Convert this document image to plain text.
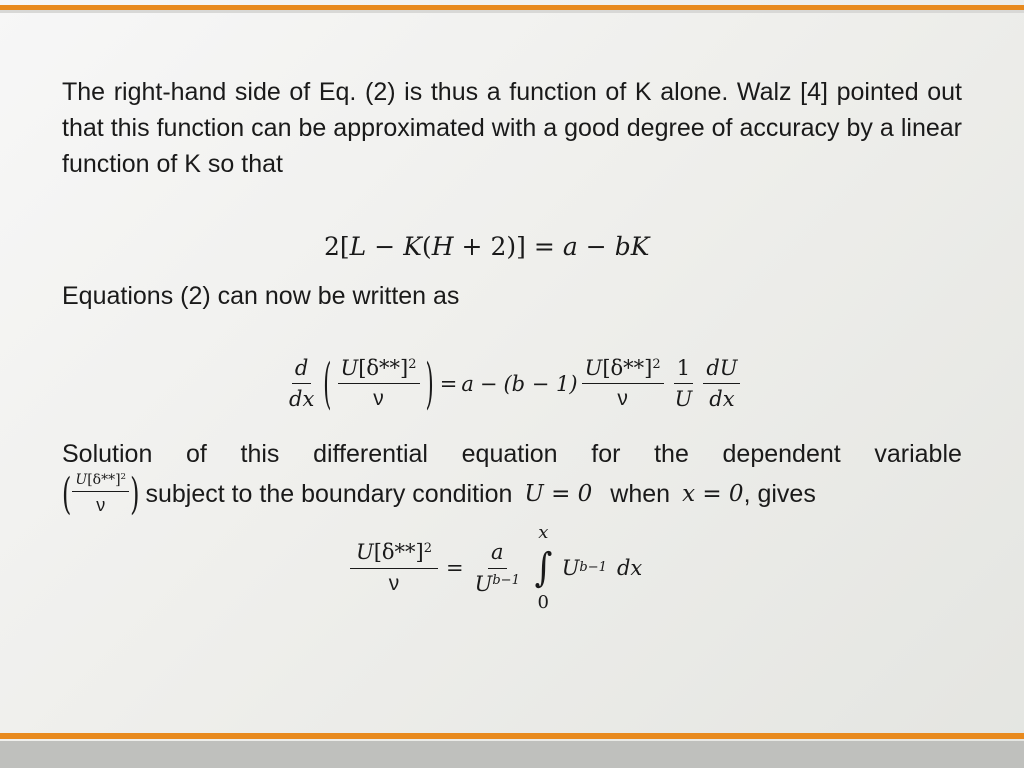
The right-hand side of Eq. (2) is thus a function of K alone. Walz [4] pointed out that this function can be approximated with a good degree of accuracy by a linear function of K so that

2[ L − K ( H + 2 )] = a − bK

Equations (2) can now be written as

$\frac{d}{dx}$ ( $\frac{U[\delta**]^2}{\nu}$ ) = $a - (b - 1) \frac{U[\delta**]^2}{\nu} \frac{1}{U} \frac{dU}{dx}$
Solution of this differential equation for the dependent variable
( $\frac{U[\delta**]^2}{\nu}$ ) subject to the boundary condition U = 0 when x = 0 , gives
$\frac{U[\delta**]^2}{\nu} = \frac{a}{U^{b-1}}$
x
∫
0
U b−1 dx
